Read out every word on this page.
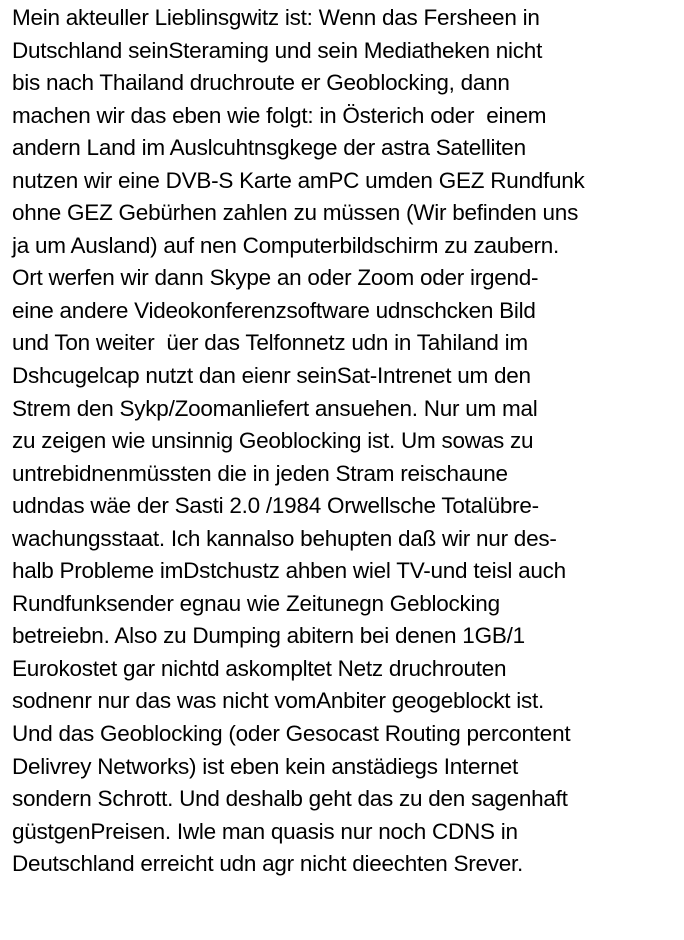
Mein akteuller Lieblinsgwitz ist: Wenn das Fersheen in
Dutschland seinSteraming und sein Mediatheken nicht
bis nach Thailand druchroute er Geoblocking, dann
machen wir das eben wie folgt: in Österich oder  einem
andern Land im Auslcuhtnsgkege der astra Satelliten
nutzen wir eine DVB-S Karte amPC umden GEZ Rundfunk
ohne GEZ Gebürhen zahlen zu müssen (Wir befinden uns
ja um Ausland) auf nen Computerbildschirm zu zaubern.
Ort werfen wir dann Skype an oder Zoom oder irgend-
eine andere Videokonferenzsoftware udnschcken Bild
und Ton weiter  üer das Telfonnetz udn in Tahiland im
Dshcugelcap nutzt dan eienr seinSat-Intrenet um den
Strem den Sykp/Zoomanliefert ansuehen. Nur um mal
zu zeigen wie unsinnig Geoblocking ist. Um sowas zu
untrebidnenmüssten die in jeden Stram reischaune
udndas wäe der Sasti 2.0 /1984 Orwellsche Totalübre-
wachungsstaat. Ich kannalso behupten daß wir nur des-
halb Probleme imDstchustz ahben wiel TV-und teisl auch
Rundfunksender egnau wie Zeitunegn Geblocking
betreiebn. Also zu Dumping abitern bei denen 1GB/1
Eurokostet gar nichtd askompltet Netz druchrouten
sodnenr nur das was nicht vomAnbiter geogeblockt ist.
Und das Geoblocking (oder Gesocast Routing percontent
Delivrey Networks) ist eben kein anstädiegs Internet
sondern Schrott. Und deshalb geht das zu den sagenhaft
güstgenPreisen. Iwle man quasis nur noch CDNS in
Deutschland erreicht udn agr nicht dieechten Srever.
